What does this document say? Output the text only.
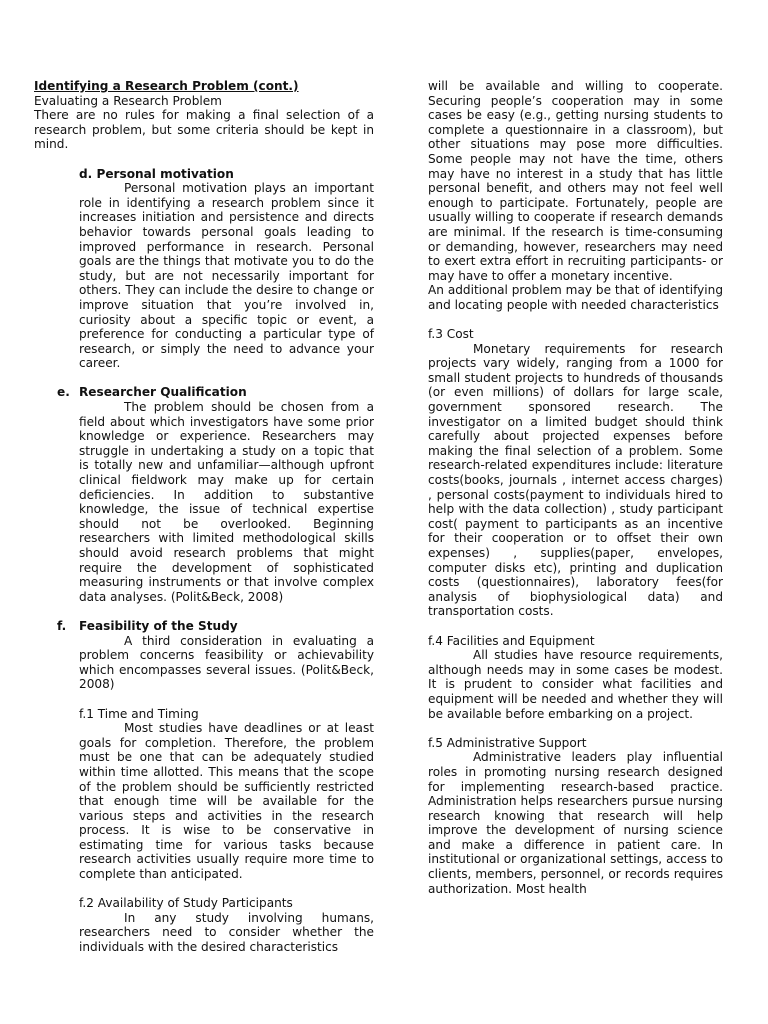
Identifying a Research Problem (cont.)

Evaluating a Research Problem

There are no rules for making a final selection of a research problem, but some criteria should be kept in mind.

d. Personal motivation

Personal motivation plays an important role in identifying a research problem since it increases initiation and persistence and directs behavior towards personal goals leading to improved performance in research. Personal goals are the things that motivate you to do the study, but are not necessarily important for others. They can include the desire to change or improve situation that you’re involved in, curiosity about a specific topic or event, a preference for conducting a particular type of research, or simply the need to advance your career.

e. Researcher Qualification

The problem should be chosen from a field about which investigators have some prior knowledge or experience. Researchers may struggle in undertaking a study on a topic that is totally new and unfamiliar—although upfront clinical fieldwork may make up for certain deficiencies. In addition to substantive knowledge, the issue of technical expertise should not be overlooked. Beginning researchers with limited methodological skills should avoid research problems that might require the development of sophisticated measuring instruments or that involve complex data analyses. (Polit&Beck, 2008)

f. Feasibility of the Study

A third consideration in evaluating a problem concerns feasibility or achievability which encompasses several issues. (Polit&Beck, 2008)

f.1 Time and Timing

Most studies have deadlines or at least goals for completion. Therefore, the problem must be one that can be adequately studied within time allotted. This means that the scope of the problem should be sufficiently restricted that enough time will be available for the various steps and activities in the research process. It is wise to be conservative in estimating time for various tasks because research activities usually require more time to complete than anticipated.

f.2 Availability of Study Participants

In any study involving humans, researchers need to consider whether the individuals with the desired characteristics

will be available and willing to cooperate. Securing people’s cooperation may in some cases be easy (e.g., getting nursing students to complete a questionnaire in a classroom), but other situations may pose more difficulties. Some people may not have the time, others may have no interest in a study that has little personal benefit, and others may not feel well enough to participate. Fortunately, people are usually willing to cooperate if research demands are minimal. If the research is time-consuming or demanding, however, researchers may need to exert extra effort in recruiting participants- or may have to offer a monetary incentive.

An additional problem may be that of identifying and locating people with needed characteristics

f.3 Cost

Monetary requirements for research projects vary widely, ranging from a 1000 for small student projects to hundreds of thousands (or even millions) of dollars for large scale, government sponsored research. The investigator on a limited budget should think carefully about projected expenses before making the final selection of a problem. Some research-related expenditures include: literature costs(books, journals , internet access charges) , personal costs(payment to individuals hired to help with the data collection) , study participant cost( payment to participants as an incentive for their cooperation or to offset their own expenses) , supplies(paper, envelopes, computer disks etc), printing and duplication costs (questionnaires), laboratory fees(for analysis of biophysiological data) and transportation costs.

f.4 Facilities and Equipment

All studies have resource requirements, although needs may in some cases be modest. It is prudent to consider what facilities and equipment will be needed and whether they will be available before embarking on a project.

f.5 Administrative Support

Administrative leaders play influential roles in promoting nursing research designed for implementing research-based practice. Administration helps researchers pursue nursing research knowing that research will help improve the development of nursing science and make a difference in patient care. In institutional or organizational settings, access to clients, members, personnel, or records requires authorization. Most health
